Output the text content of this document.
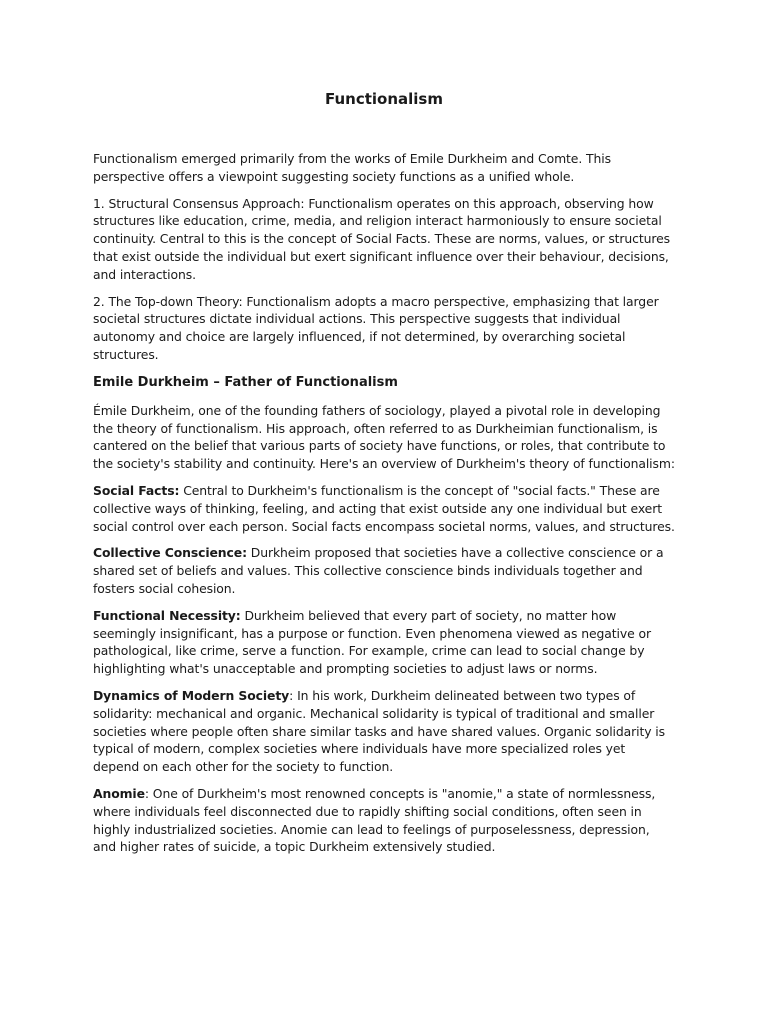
Functionalism

Functionalism emerged primarily from the works of Emile Durkheim and Comte. This perspective offers a viewpoint suggesting society functions as a unified whole.

1. Structural Consensus Approach: Functionalism operates on this approach, observing how structures like education, crime, media, and religion interact harmoniously to ensure societal continuity. Central to this is the concept of Social Facts. These are norms, values, or structures that exist outside the individual but exert significant influence over their behaviour, decisions, and interactions.

2. The Top-down Theory: Functionalism adopts a macro perspective, emphasizing that larger societal structures dictate individual actions. This perspective suggests that individual autonomy and choice are largely influenced, if not determined, by overarching societal structures.

Emile Durkheim – Father of Functionalism

Émile Durkheim, one of the founding fathers of sociology, played a pivotal role in developing the theory of functionalism. His approach, often referred to as Durkheimian functionalism, is cantered on the belief that various parts of society have functions, or roles, that contribute to the society's stability and continuity. Here's an overview of Durkheim's theory of functionalism:

Social Facts: Central to Durkheim's functionalism is the concept of "social facts." These are collective ways of thinking, feeling, and acting that exist outside any one individual but exert social control over each person. Social facts encompass societal norms, values, and structures.

Collective Conscience: Durkheim proposed that societies have a collective conscience or a shared set of beliefs and values. This collective conscience binds individuals together and fosters social cohesion.

Functional Necessity: Durkheim believed that every part of society, no matter how seemingly insignificant, has a purpose or function. Even phenomena viewed as negative or pathological, like crime, serve a function. For example, crime can lead to social change by highlighting what's unacceptable and prompting societies to adjust laws or norms.

Dynamics of Modern Society: In his work, Durkheim delineated between two types of solidarity: mechanical and organic. Mechanical solidarity is typical of traditional and smaller societies where people often share similar tasks and have shared values. Organic solidarity is typical of modern, complex societies where individuals have more specialized roles yet depend on each other for the society to function.

Anomie: One of Durkheim's most renowned concepts is "anomie," a state of normlessness, where individuals feel disconnected due to rapidly shifting social conditions, often seen in highly industrialized societies. Anomie can lead to feelings of purposelessness, depression, and higher rates of suicide, a topic Durkheim extensively studied.
